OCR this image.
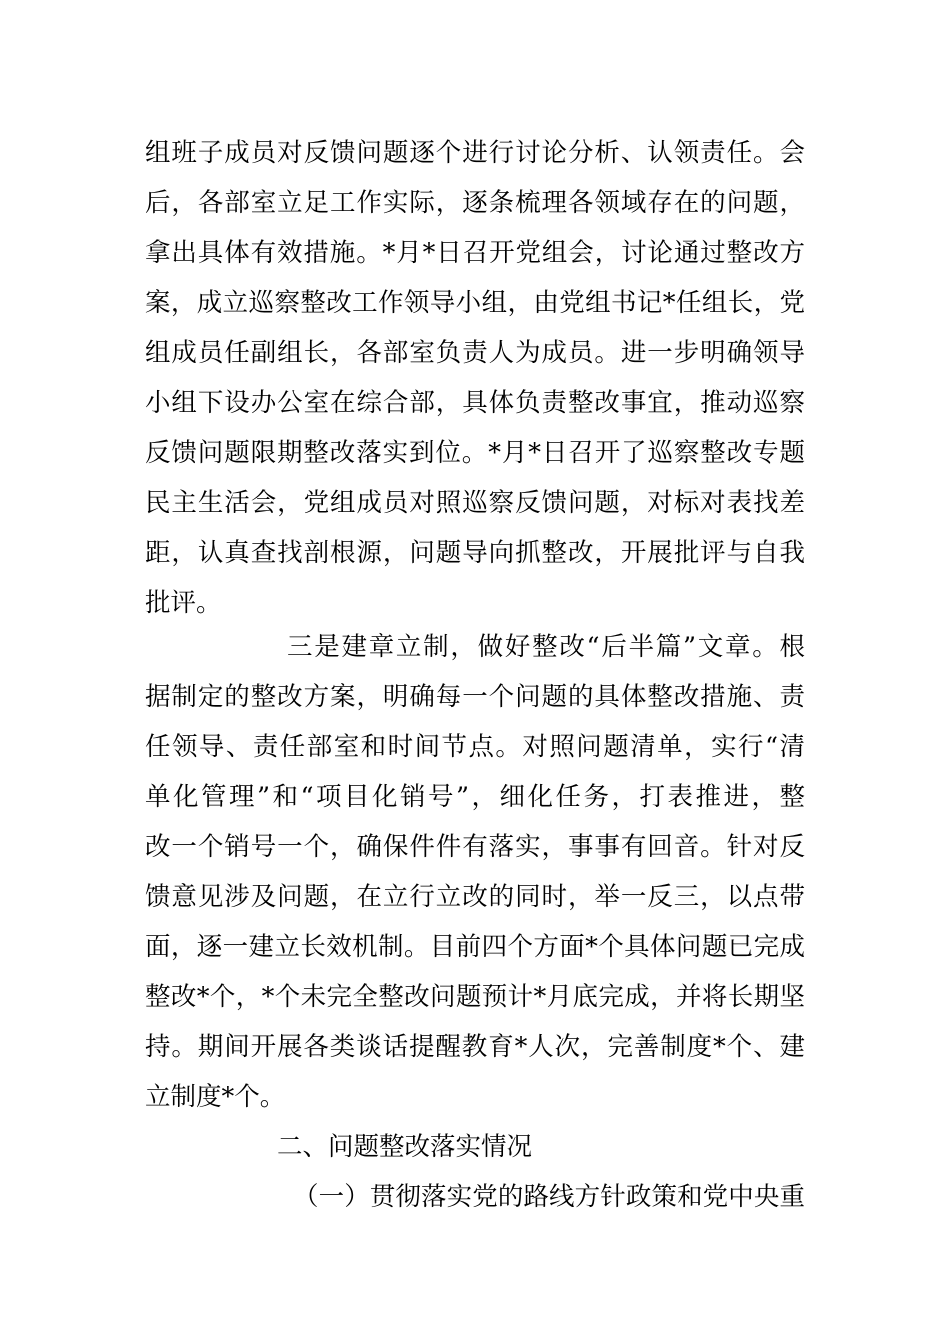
组班子成员对反馈问题逐个进行讨论分析、认领责任。会
后，各部室立足工作实际，逐条梳理各领域存在的问题，
拿出具体有效措施。*月*日召开党组会，讨论通过整改方
案，成立巡察整改工作领导小组，由党组书记*任组长，党
组成员任副组长，各部室负责人为成员。进一步明确领导
小组下设办公室在综合部，具体负责整改事宜，推动巡察
反馈问题限期整改落实到位。*月*日召开了巡察整改专题
民主生活会，党组成员对照巡察反馈问题，对标对表找差
距，认真查找剖根源，问题导向抓整改，开展批评与自我
批评。
三是建章立制，做好整改“后半篇”文章。根
据制定的整改方案，明确每一个问题的具体整改措施、责
任领导、责任部室和时间节点。对照问题清单，实行“清
单化管理”和“项目化销号”，细化任务，打表推进，整
改一个销号一个，确保件件有落实，事事有回音。针对反
馈意见涉及问题，在立行立改的同时，举一反三，以点带
面，逐一建立长效机制。目前四个方面*个具体问题已完成
整改*个，*个未完全整改问题预计*月底完成，并将长期坚
持。期间开展各类谈话提醒教育*人次，完善制度*个、建
立制度*个。
二、问题整改落实情况
（一）贯彻落实党的路线方针政策和党中央重
